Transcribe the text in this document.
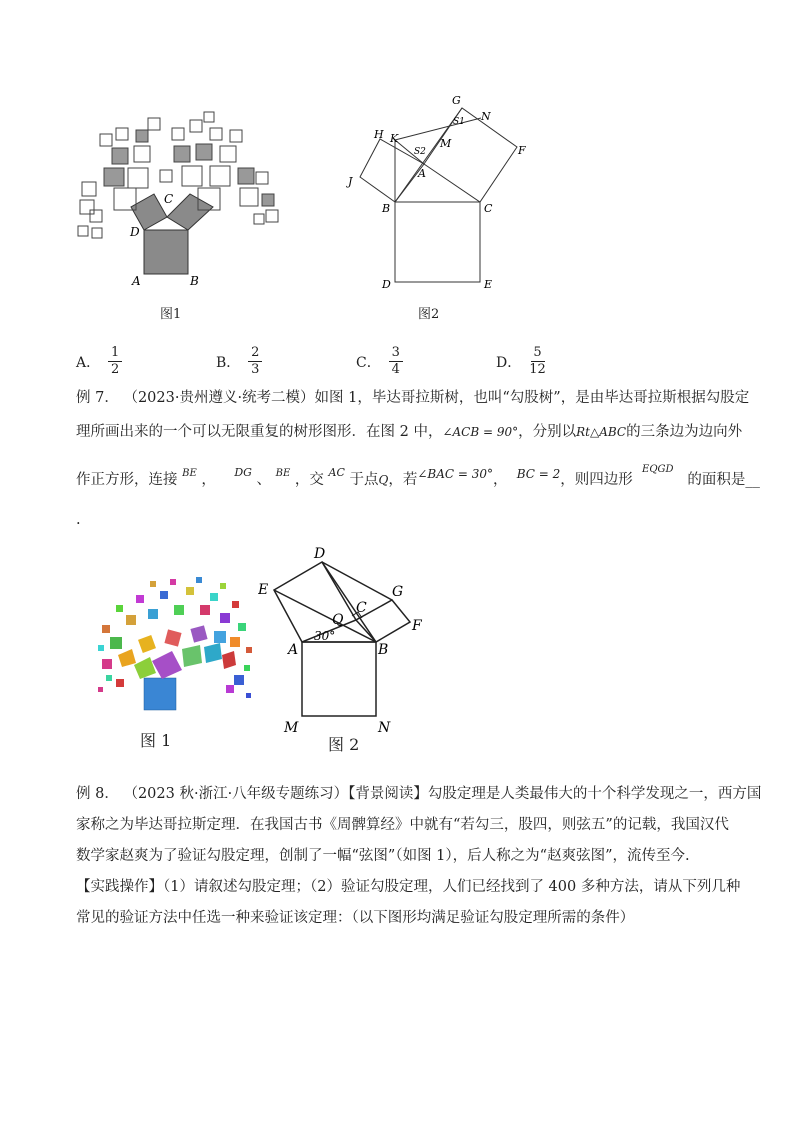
C
D
A	B
图1
G
N
S1
H K
S2
M
F
J
A
B	C
D	E
图2
A． $\frac{1}{2}$	B． $\frac{2}{3}$	C． $\frac{3}{4}$	D． $\frac{5}{12}$
例 7． （2023·贵州遵义·统考二模）如图 1，毕达哥拉斯树，也叫“勾股树”，是由毕达哥拉斯根据勾股定
理所画出来的一个可以无限重复的树形图形．在图 2 中，∠ACB = 90°，分别以Rt△ABC的三条边为边向外
作正方形，连接 $^{BE}$ ， $^{DG}$ 、 $^{BE}$ ，交 $^{AC}$ 于点Q，若$^{\angle BAC = 30^\circ}$， $^{BC = 2}$，则四边形  $^{EQGD}$   的面积是__
.
图 1
D
E	G
Q
C
F
A
30°
B
M	N
图 2
例 8． （2023 秋·浙江·八年级专题练习）【背景阅读】勾股定理是人类最伟大的十个科学发现之一，西方国
家称之为毕达哥拉斯定理．在我国古书《周髀算经》中就有“若勾三，股四，则弦五”的记载，我国汉代
数学家赵爽为了验证勾股定理，创制了一幅“弦图”（如图 1），后人称之为“赵爽弦图”，流传至今.
【实践操作】（1）请叙述勾股定理；（2）验证勾股定理，人们已经找到了 400 多种方法，请从下列几种
常见的验证方法中任选一种来验证该定理：（以下图形均满足验证勾股定理所需的条件）
